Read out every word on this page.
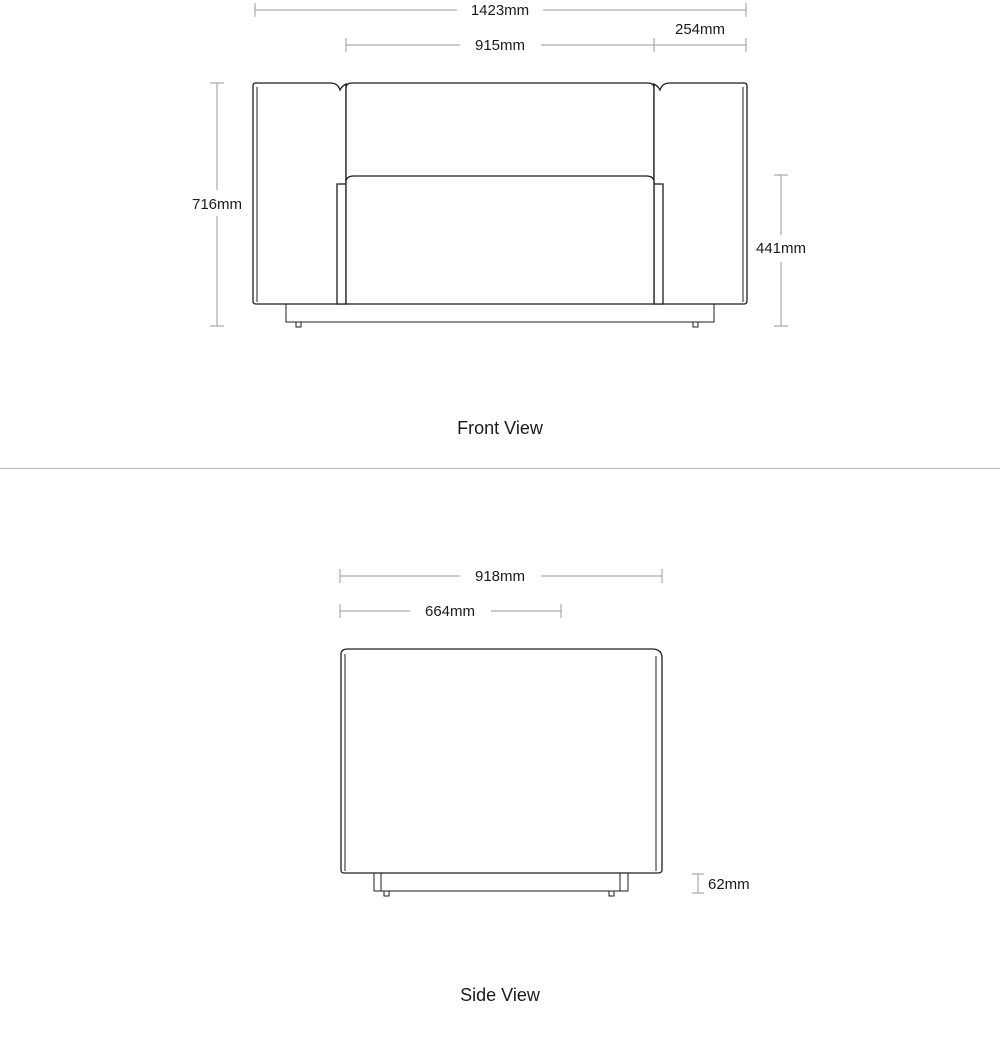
1423mm
254mm
915mm
716mm
441mm
Front View
918mm
664mm
62mm
Side View
